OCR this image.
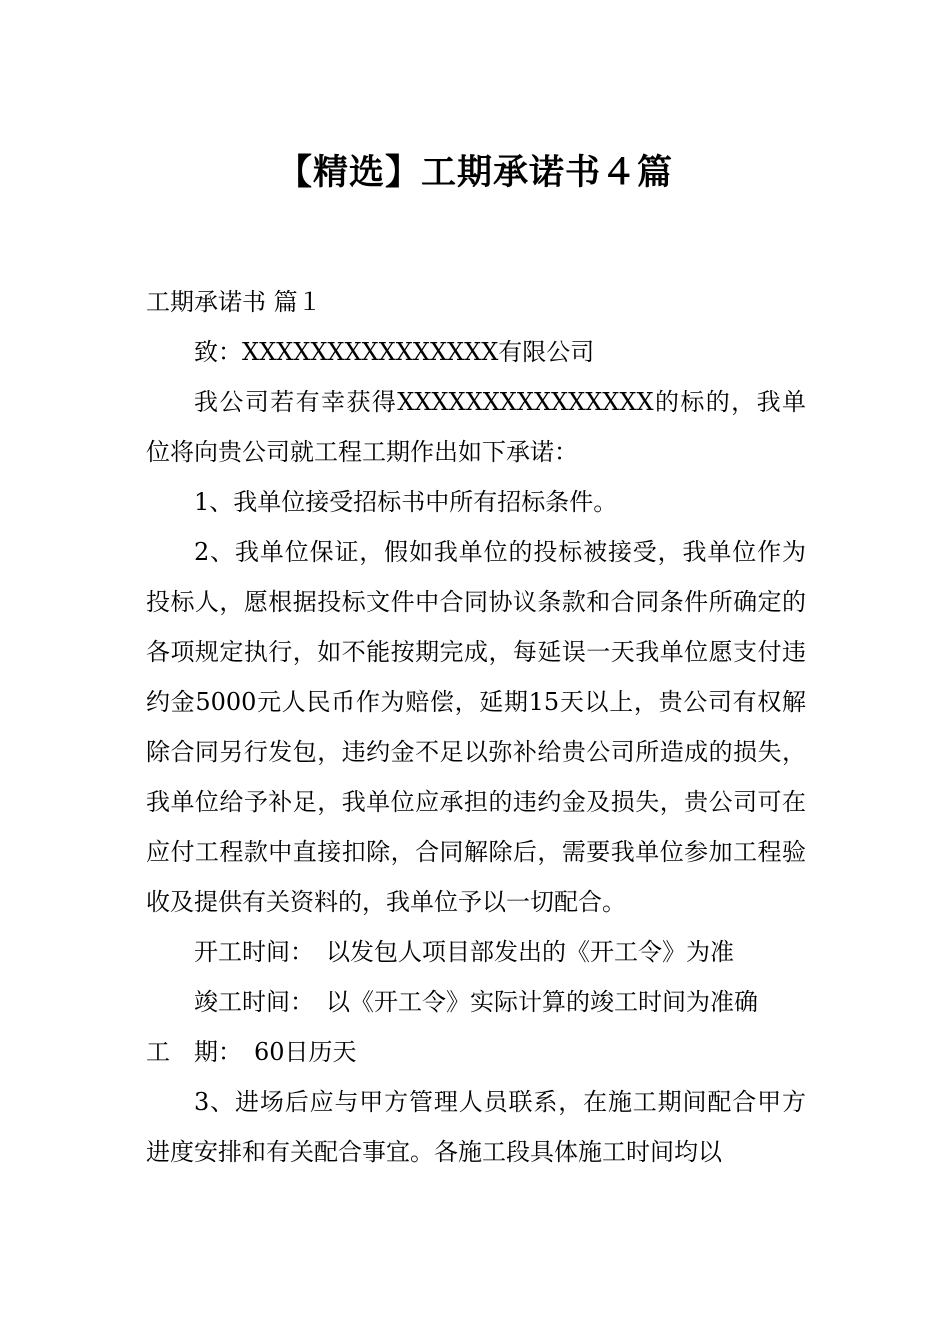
【精选】工期承诺书４篇

工期承诺书 篇１

致：XXXXXXXXXXXXXXX有限公司

我公司若有幸获得XXXXXXXXXXXXXXX的标的，我单位将向贵公司就工程工期作出如下承诺：

1、我单位接受招标书中所有招标条件。

2、我单位保证，假如我单位的投标被接受，我单位作为投标人，愿根据投标文件中合同协议条款和合同条件所确定的各项规定执行，如不能按期完成，每延误一天我单位愿支付违约金5000元人民币作为赔偿，延期15天以上，贵公司有权解除合同另行发包，违约金不足以弥补给贵公司所造成的损失，我单位给予补足，我单位应承担的违约金及损失，贵公司可在应付工程款中直接扣除，合同解除后，需要我单位参加工程验收及提供有关资料的，我单位予以一切配合。

开工时间：　以发包人项目部发出的《开工令》为准

竣工时间：　以《开工令》实际计算的竣工时间为准确

工　期：　60日历天

3、进场后应与甲方管理人员联系，在施工期间配合甲方进度安排和有关配合事宜。各施工段具体施工时间均以
